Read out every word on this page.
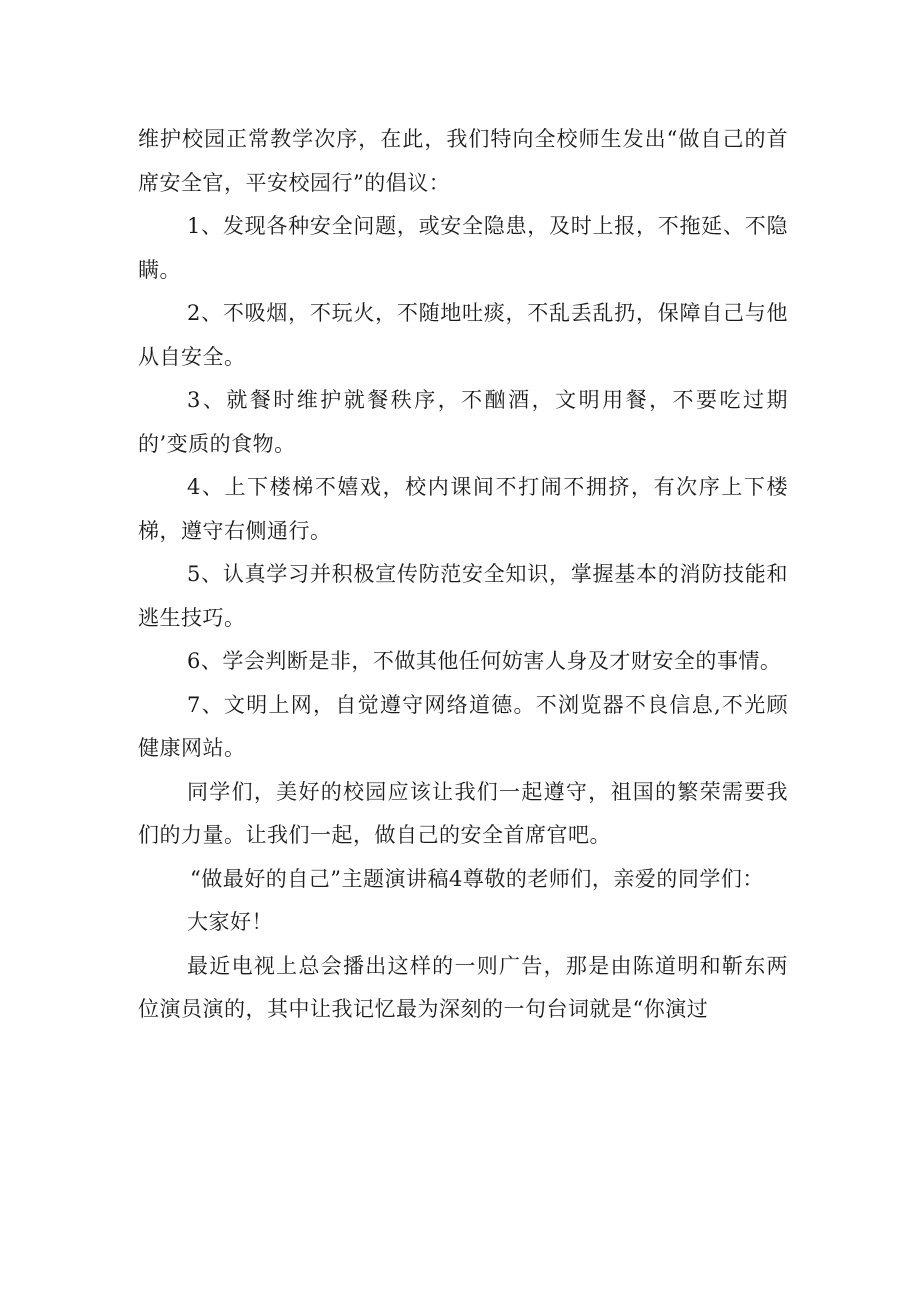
维护校园正常教学次序，在此，我们特向全校师生发出“做自己的首席安全官，平安校园行”的倡议：

1、发现各种安全问题，或安全隐患，及时上报，不拖延、不隐瞒。

2、不吸烟，不玩火，不随地吐痰，不乱丢乱扔，保障自己与他从自安全。

3、就餐时维护就餐秩序，不酗酒，文明用餐，不要吃过期的’变质的食物。

4、上下楼梯不嬉戏，校内课间不打闹不拥挤，有次序上下楼梯，遵守右侧通行。

5、认真学习并积极宣传防范安全知识，掌握基本的消防技能和逃生技巧。

6、学会判断是非，不做其他任何妨害人身及才财安全的事情。

7、文明上网，自觉遵守网络道德。不浏览器不良信息,不光顾健康网站。

同学们，美好的校园应该让我们一起遵守，祖国的繁荣需要我们的力量。让我们一起，做自己的安全首席官吧。

“做最好的自己”主题演讲稿4尊敬的老师们，亲爱的同学们：

大家好！

最近电视上总会播出这样的一则广告，那是由陈道明和靳东两位演员演的，其中让我记忆最为深刻的一句台词就是“你演过
